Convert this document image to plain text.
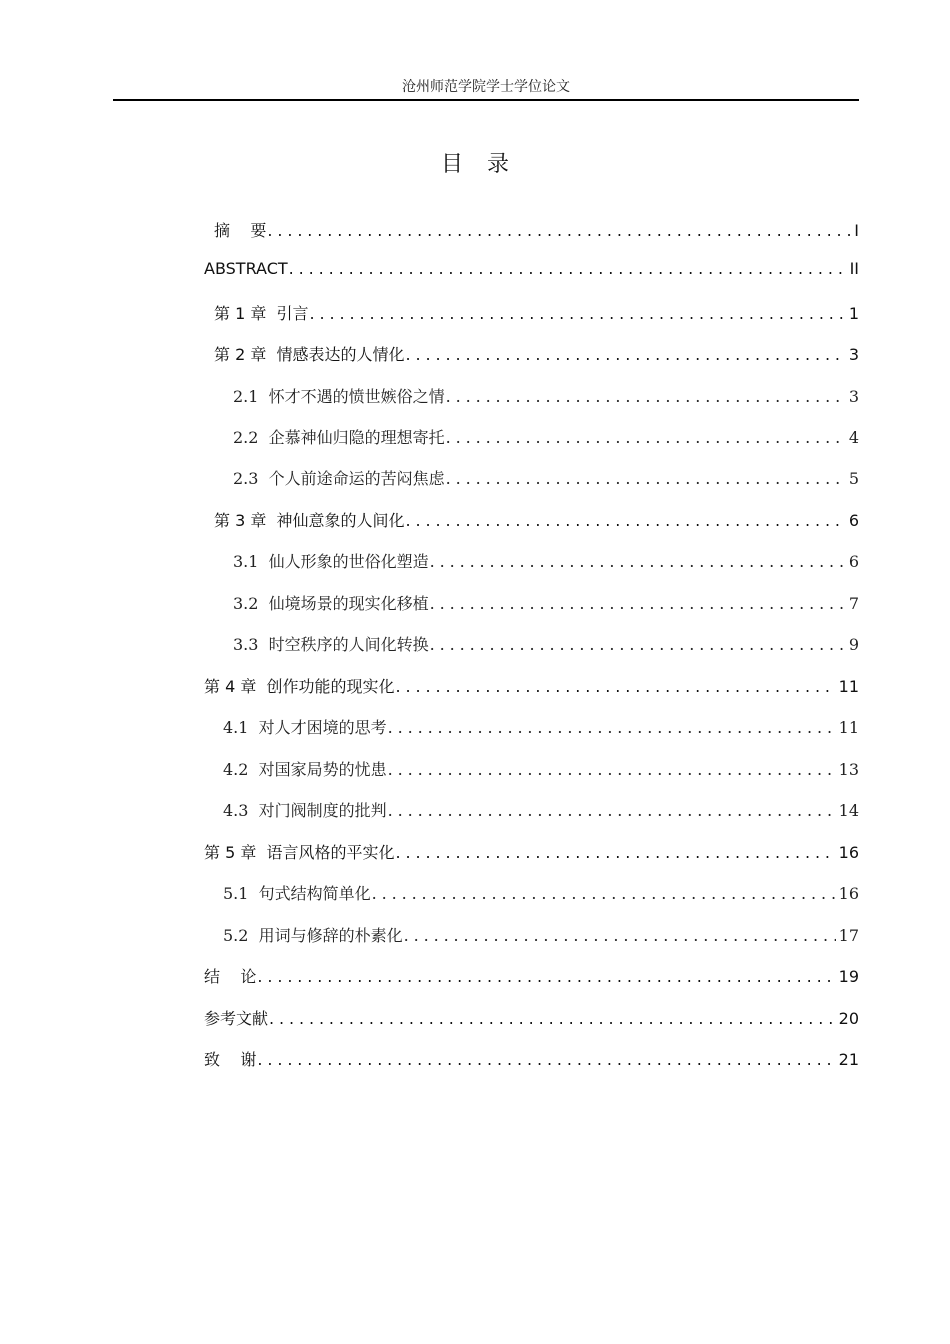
沧州师范学院学士学位论文
目录
摘    要 .....	I
ABSTRACT .....	II
第 1 章  引言 .....	1
第 2 章  情感表达的人情化 .....	3
2.1  怀才不遇的愤世嫉俗之情 .....	3
2.2  企慕神仙归隐的理想寄托 .....	4
2.3  个人前途命运的苦闷焦虑 .....	5
第 3 章  神仙意象的人间化 .....	6
3.1  仙人形象的世俗化塑造 .....	6
3.2  仙境场景的现实化移植 .....	7
3.3  时空秩序的人间化转换 .....	9
第 4 章  创作功能的现实化 .....	11
4.1  对人才困境的思考 .....	11
4.2  对国家局势的忧患 .....	13
4.3  对门阀制度的批判 .....	14
第 5 章  语言风格的平实化 .....	16
5.1  句式结构简单化 .....	16
5.2  用词与修辞的朴素化 .....	17
结    论 .....	19
参考文献 .....	20
致    谢 .....	21
